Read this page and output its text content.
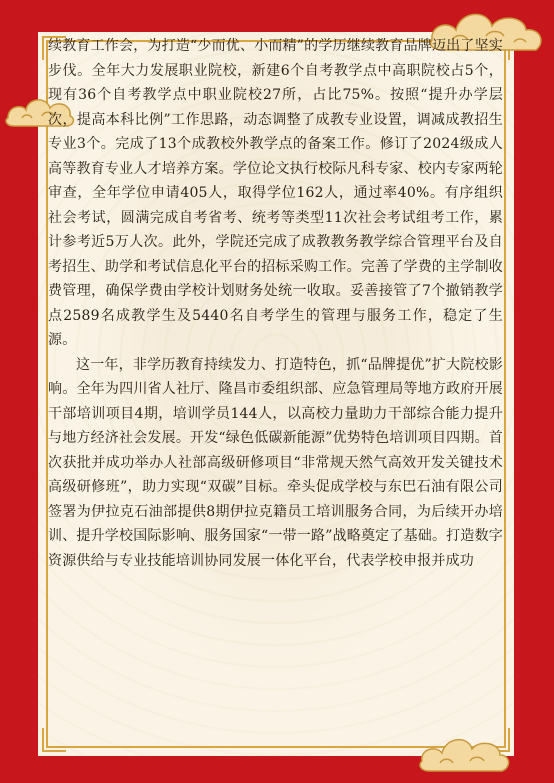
续教育工作会，为打造“少而优、小而精”的学历继续教育品牌迈出了坚实步伐。全年大力发展职业院校，新建6个自考教学点中高职院校占5个，现有36个自考教学点中职业院校27所，占比75%。按照“提升办学层次，提高本科比例”工作思路，动态调整了成教专业设置，调减成教招生专业3个。完成了13个成教校外教学点的备案工作。修订了2024级成人高等教育专业人才培养方案。学位论文执行校际凡科专家、校内专家两轮审查，全年学位申请405人，取得学位162人，通过率40%。有序组织社会考试，圆满完成自考省考、统考等类型11次社会考试组考工作，累计参考近5万人次。此外，学院还完成了成教教务教学综合管理平台及自考招生、助学和考试信息化平台的招标采购工作。完善了学费的主学制收费管理，确保学费由学校计划财务处统一收取。妥善接管了7个撤销教学点2589名成教学生及5440名自考学生的管理与服务工作，稳定了生源。

这一年，非学历教育持续发力、打造特色，抓“品牌提优”扩大院校影响。全年为四川省人社厅、隆昌市委组织部、应急管理局等地方政府开展干部培训项目4期，培训学员144人，以高校力量助力干部综合能力提升与地方经济社会发展。开发“绿色低碳新能源”优势特色培训项目四期。首次获批并成功举办人社部高级研修项目“非常规天然气高效开发关键技术高级研修班”，助力实现“双碳”目标。牵头促成学校与东巴石油有限公司签署为伊拉克石油部提供8期伊拉克籍员工培训服务合同，为后续开办培训、提升学校国际影响、服务国家“一带一路”战略奠定了基础。打造数字资源供给与专业技能培训协同发展一体化平台，代表学校申报并成功
